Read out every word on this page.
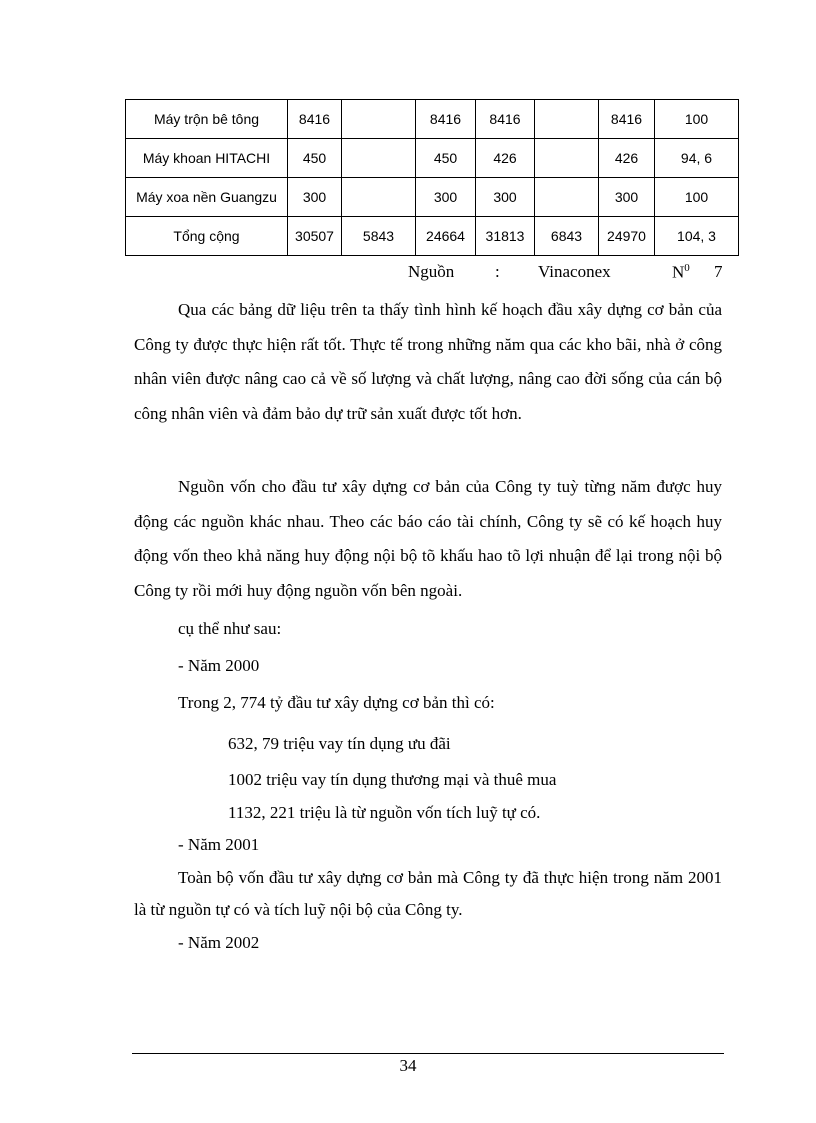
Máy trộn bê tông	8416		8416	8416		8416	100
Máy khoan HITACHI	450		450	426		426	94, 6
Máy xoa nền Guangzu	300		300	300		300	100
Tổng cộng	30507	5843	24664	31813	6843	24970	104, 3
Nguồn : Vinaconex	$N^0$ 7

Qua các bảng dữ liệu trên ta thấy tình hình kế hoạch đầu xây dựng cơ bản của Công ty được thực hiện rất tốt. Thực tế trong những năm qua các kho bãi, nhà ở công nhân viên được nâng cao cả về số lượng và chất lượng, nâng cao đời sống của cán bộ công nhân viên và đảm bảo dự trữ sản xuất được tốt hơn.

Nguồn vốn cho đầu tư xây dựng cơ bản của Công ty tuỳ từng năm được huy động các nguồn khác nhau. Theo các báo cáo tài chính, Công ty sẽ có kế hoạch huy động vốn theo khả năng huy động nội bộ tõ khấu hao tõ lợi nhuận để lại trong nội bộ Công ty rồi mới huy động nguồn vốn bên ngoài.

cụ thể như sau:

- Năm 2000

Trong 2, 774 tỷ đầu tư xây dựng cơ bản thì có:

632, 79 triệu vay tín dụng ưu đãi

1002 triệu vay tín dụng thương mại và thuê mua

1132, 221 triệu là từ nguồn vốn tích luỹ tự có.

- Năm 2001

Toàn bộ vốn đầu tư xây dựng cơ bản mà Công ty đã thực hiện trong năm 2001 là từ nguồn tự có và tích luỹ nội bộ của Công ty.

- Năm 2002

34
